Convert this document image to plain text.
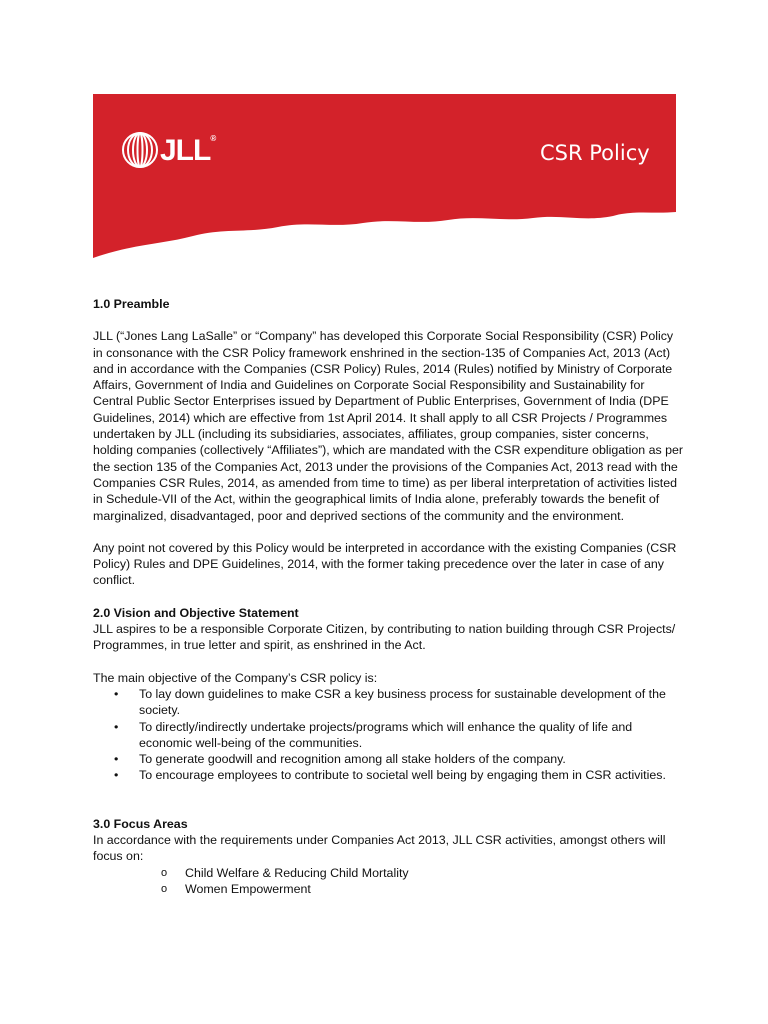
JLL®
CSR Policy
1.0 Preamble

JLL (“Jones Lang LaSalle” or “Company” has developed this Corporate Social Responsibility (CSR) Policy in consonance with the CSR Policy framework enshrined in the section-135 of Companies Act, 2013 (Act) and in accordance with the Companies (CSR Policy) Rules, 2014 (Rules) notified by Ministry of Corporate Affairs, Government of India and Guidelines on Corporate Social Responsibility and Sustainability for Central Public Sector Enterprises issued by Department of Public Enterprises, Government of India (DPE Guidelines, 2014) which are effective from 1st April 2014. It shall apply to all CSR Projects / Programmes undertaken by JLL (including its subsidiaries, associates, affiliates, group companies, sister concerns, holding companies (collectively “Affiliates”), which are mandated with the CSR expenditure obligation as per the section 135 of the Companies Act, 2013 under the provisions of the Companies Act, 2013 read with the Companies CSR Rules, 2014, as amended from time to time) as per liberal interpretation of activities listed in Schedule-VII of the Act, within the geographical limits of India alone, preferably towards the benefit of marginalized, disadvantaged, poor and deprived sections of the community and the environment.

Any point not covered by this Policy would be interpreted in accordance with the existing Companies (CSR Policy) Rules and DPE Guidelines, 2014, with the former taking precedence over the later in case of any conflict.

2.0 Vision and Objective Statement

JLL aspires to be a responsible Corporate Citizen, by contributing to nation building through CSR Projects/ Programmes, in true letter and spirit, as enshrined in the Act.

The main objective of the Company’s CSR policy is:

• To lay down guidelines to make CSR a key business process for sustainable development of the society.
• To directly/indirectly undertake projects/programs which will enhance the quality of life and economic well-being of the communities.
• To generate goodwill and recognition among all stake holders of the company.
• To encourage employees to contribute to societal well being by engaging them in CSR activities.
3.0 Focus Areas

In accordance with the requirements under Companies Act 2013, JLL CSR activities, amongst others will focus on:

o Child Welfare & Reducing Child Mortality
o Women Empowerment
